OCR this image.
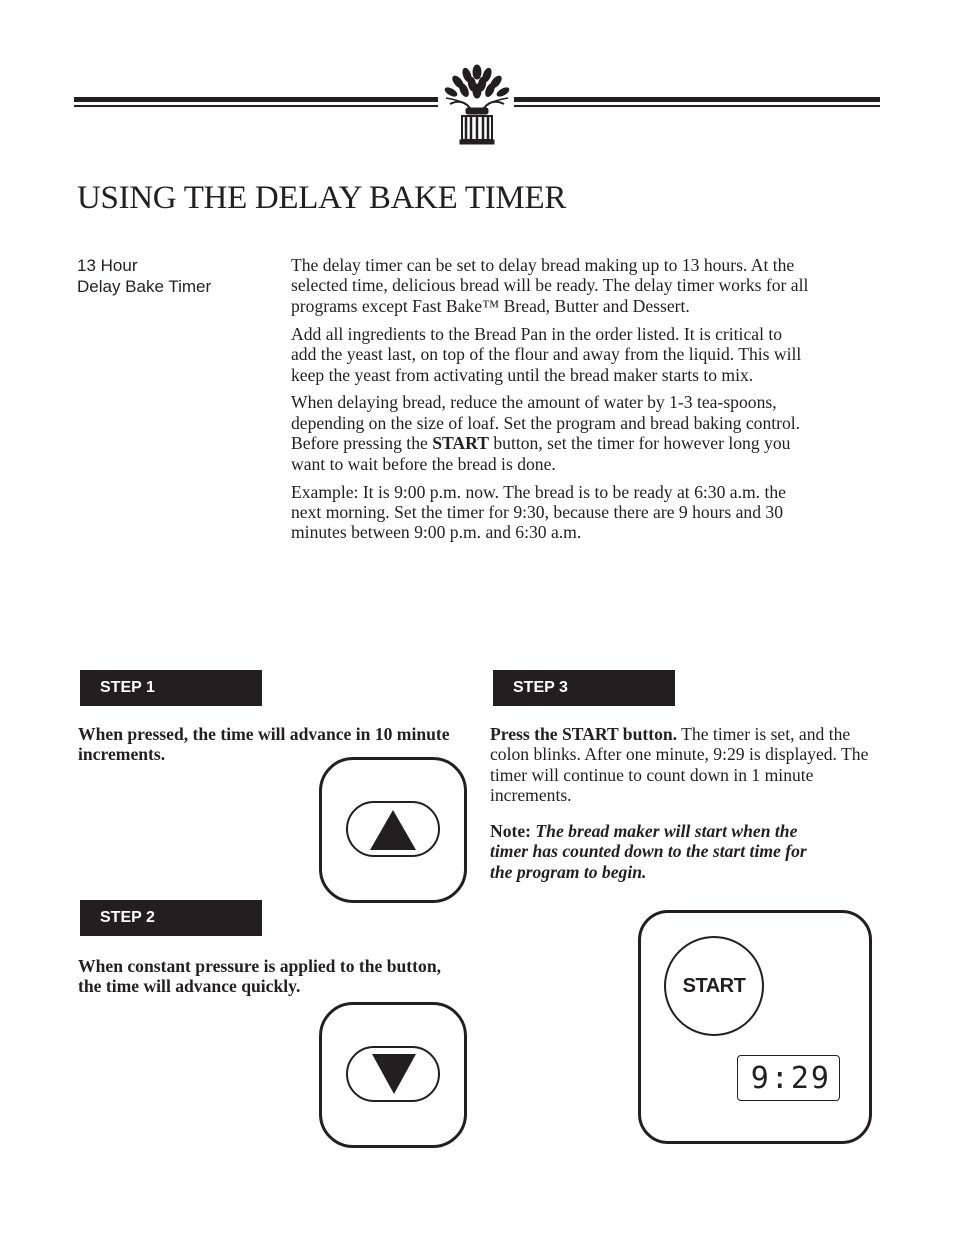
USING THE DELAY BAKE TIMER
13 Hour
Delay Bake Timer

The delay timer can be set to delay bread making up to 13 hours. At the selected time, delicious bread will be ready. The delay timer works for all programs except Fast Bake™ Bread, Butter and Dessert.

Add all ingredients to the Bread Pan in the order listed. It is critical to add the yeast last, on top of the flour and away from the liquid. This will keep the yeast from activating until the bread maker starts to mix.

When delaying bread, reduce the amount of water by 1-3 tea-spoons, depending on the size of loaf. Set the program and bread baking control. Before pressing the START button, set the timer for however long you want to wait before the bread is done.

Example: It is 9:00 p.m. now. The bread is to be ready at 6:30 a.m. the next morning. Set the timer for 9:30, because there are 9 hours and 30 minutes between 9:00 p.m. and 6:30 a.m.

STEP 1
When pressed, the time will advance in 10 minute increments.
STEP 2
When constant pressure is applied to the button, the time will advance quickly.
STEP 3
Press the START button. The timer is set, and the colon blinks. After one minute, 9:29 is displayed. The timer will continue to count down in 1 minute increments.
Note: The bread maker will start when the timer has counted down to the start time for the program to begin.
START
9:29
